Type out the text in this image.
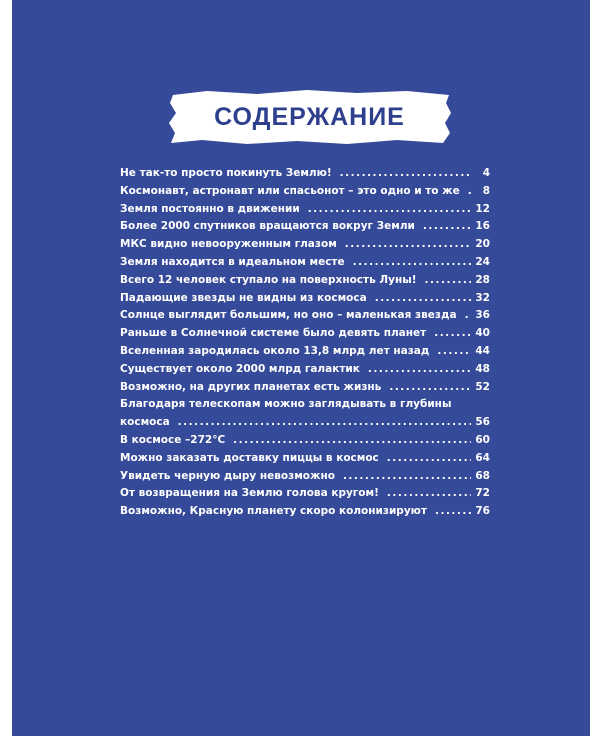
СОДЕРЖАНИЕ
Не так-то просто покинуть Землю! .....	4
Космонавт, астронавт или спасьонот – это одно и то же .....	8
Земля постоянно в движении .....	12
Более 2000 спутников вращаются вокруг Земли .....	16
МКС видно невооруженным глазом .....	20
Земля находится в идеальном месте .....	24
Всего 12 человек ступало на поверхность Луны! .....	28
Падающие звезды не видны из космоса .....	32
Солнце выглядит большим, но оно – маленькая звезда ..... 36
Раньше в Солнечной системе было девять планет .....	40
Вселенная зародилась около 13,8 млрд лет назад .....	44
Существует около 2000 млрд галактик .....	48
Возможно, на других планетах есть жизнь .....	52
Благодаря телескопам можно заглядывать в глубины
космоса .....	56
В космосе –272°С .....	60
Можно заказать доставку пиццы в космос .....	64
Увидеть черную дыру невозможно .....	68
От возвращения на Землю голова кругом! .....	72
Возможно, Красную планету скоро колонизируют .....	76
